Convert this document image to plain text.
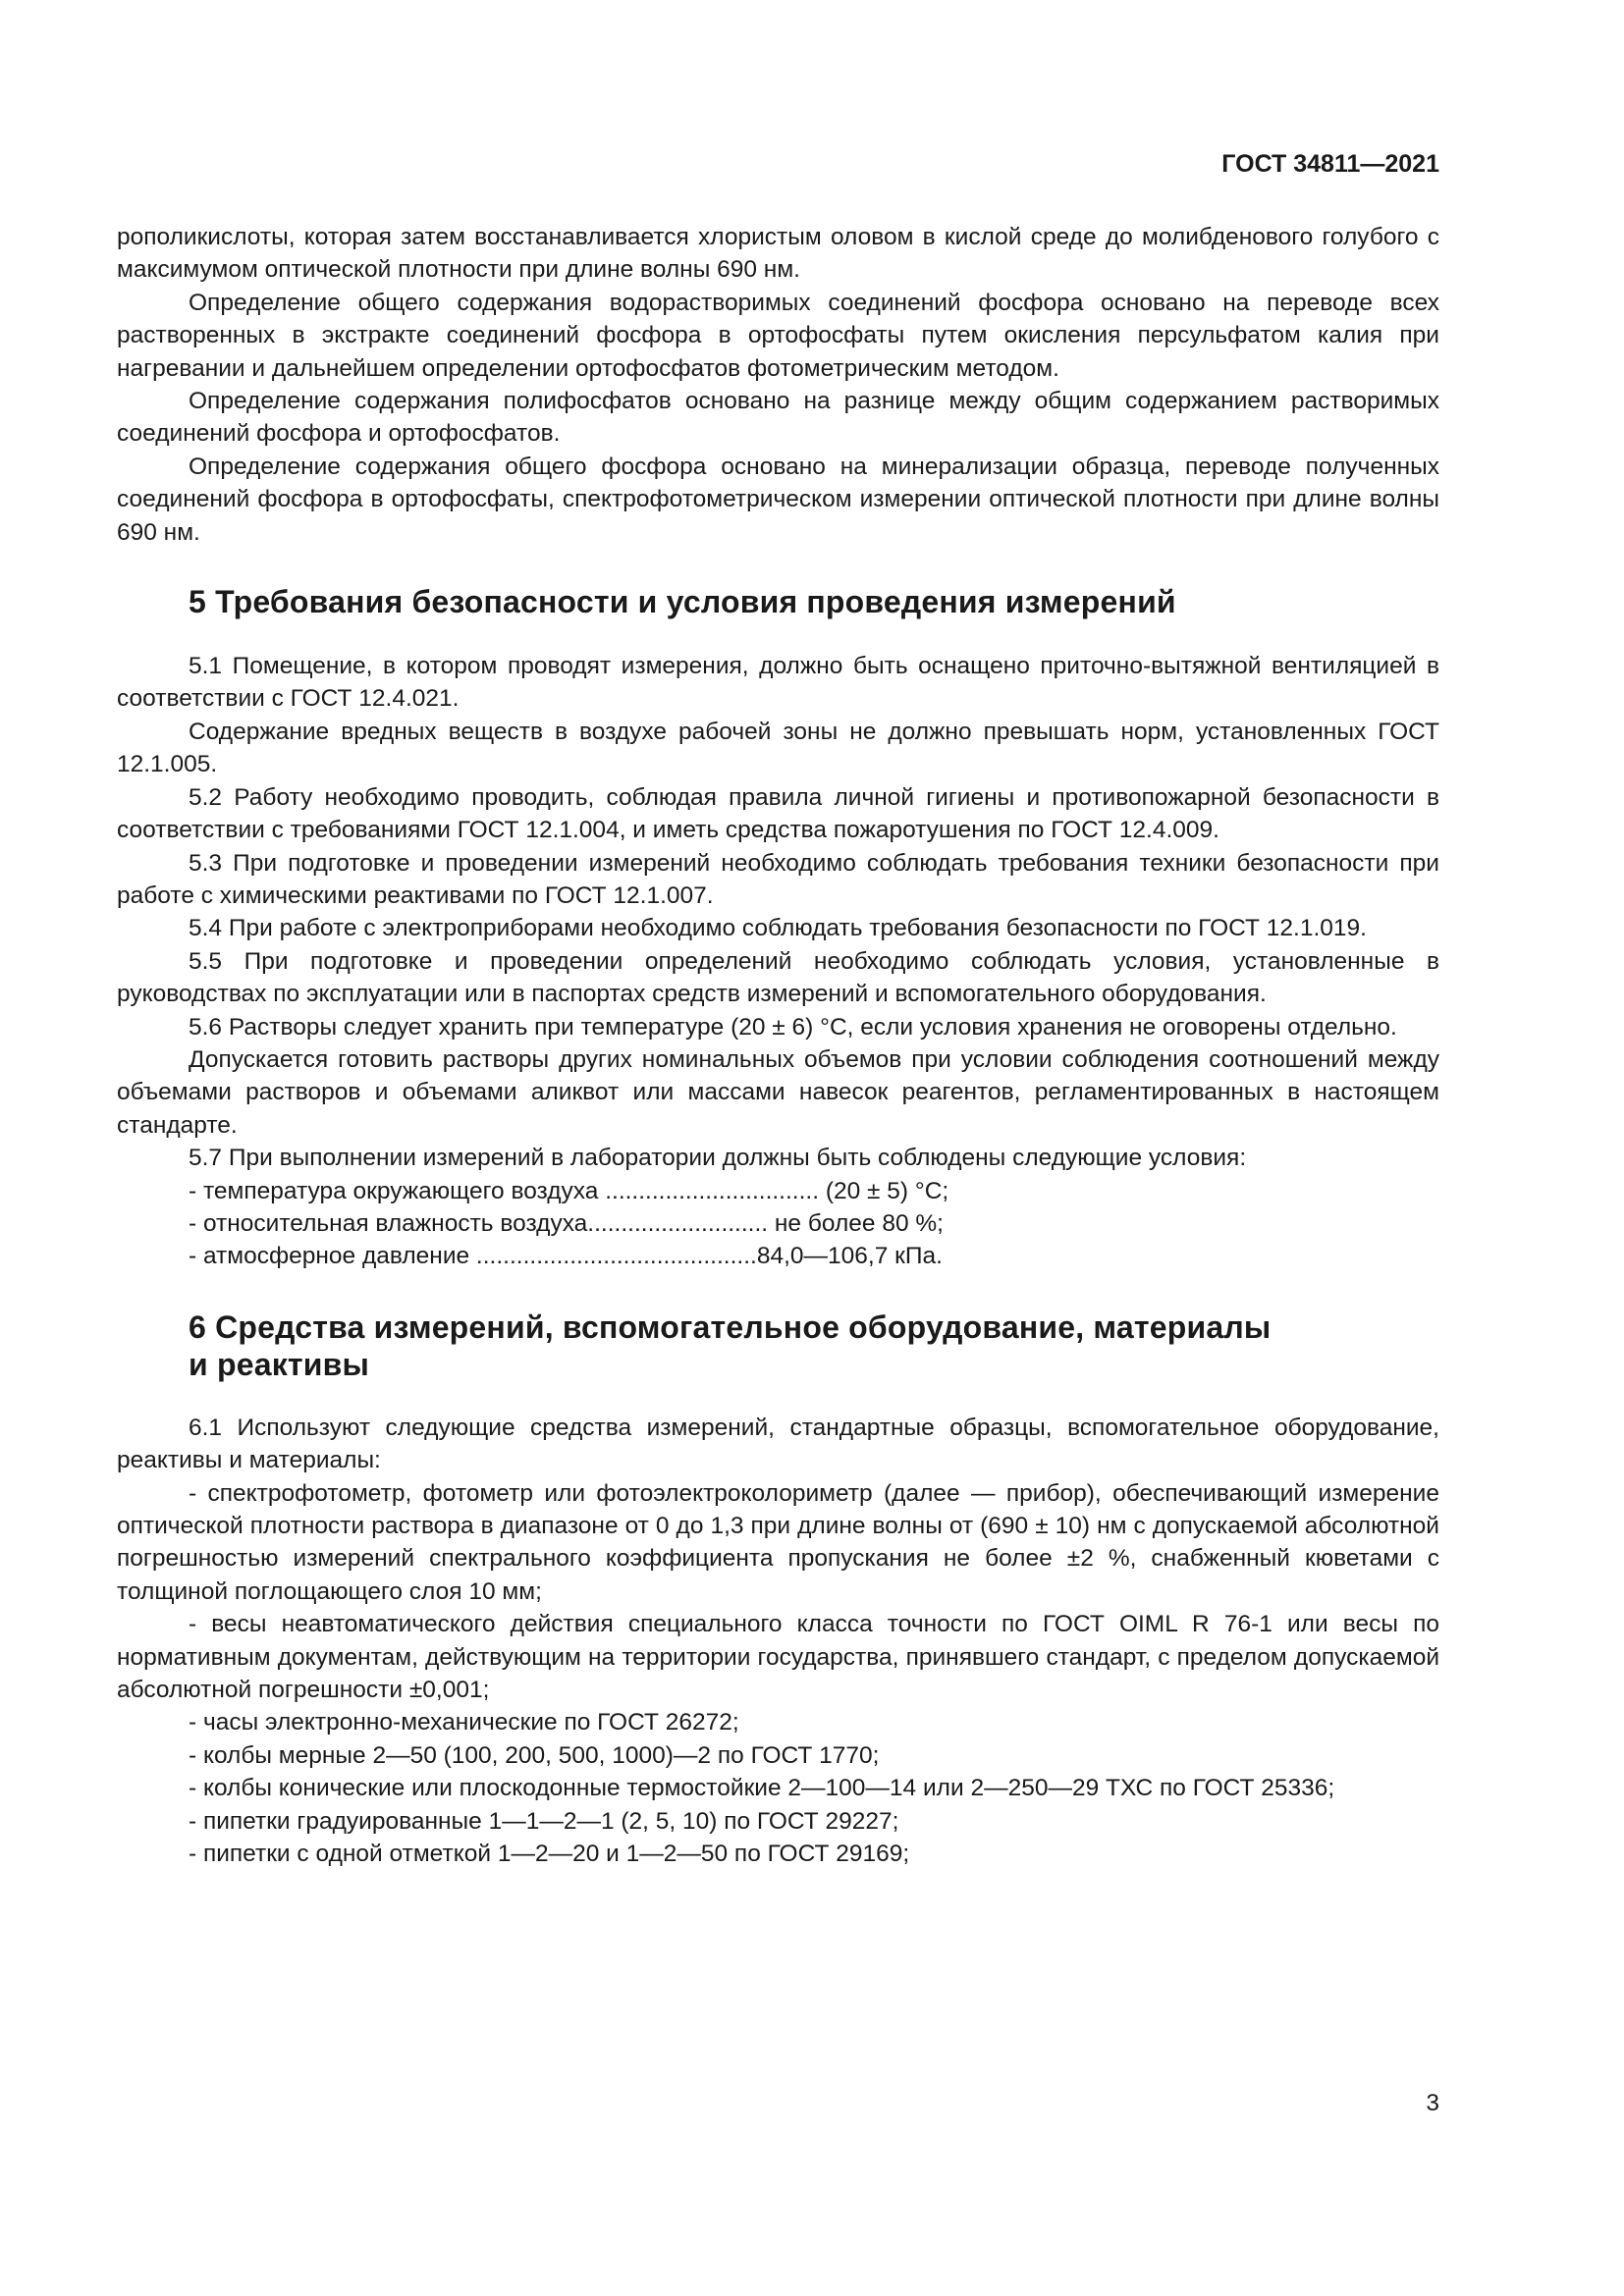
ГОСТ 34811—2021

рополикислоты, которая затем восстанавливается хлористым оловом в кислой среде до молибденового голубого с максимумом оптической плотности при длине волны 690 нм.

Определение общего содержания водорастворимых соединений фосфора основано на переводе всех растворенных в экстракте соединений фосфора в ортофосфаты путем окисления персульфатом калия при нагревании и дальнейшем определении ортофосфатов фотометрическим методом.

Определение содержания полифосфатов основано на разнице между общим содержанием растворимых соединений фосфора и ортофосфатов.

Определение содержания общего фосфора основано на минерализации образца, переводе полученных соединений фосфора в ортофосфаты, спектрофотометрическом измерении оптической плотности при длине волны 690 нм.

5 Требования безопасности и условия проведения измерений

5.1 Помещение, в котором проводят измерения, должно быть оснащено приточно-вытяжной вентиляцией в соответствии с ГОСТ 12.4.021.

Содержание вредных веществ в воздухе рабочей зоны не должно превышать норм, установленных ГОСТ 12.1.005.

5.2 Работу необходимо проводить, соблюдая правила личной гигиены и противопожарной безопасности в соответствии с требованиями ГОСТ 12.1.004, и иметь средства пожаротушения по ГОСТ 12.4.009.

5.3 При подготовке и проведении измерений необходимо соблюдать требования техники безопасности при работе с химическими реактивами по ГОСТ 12.1.007.

5.4 При работе с электроприборами необходимо соблюдать требования безопасности по ГОСТ 12.1.019.

5.5 При подготовке и проведении определений необходимо соблюдать условия, установленные в руководствах по эксплуатации или в паспортах средств измерений и вспомогательного оборудования.

5.6 Растворы следует хранить при температуре (20 ± 6) °С, если условия хранения не оговорены отдельно.

Допускается готовить растворы других номинальных объемов при условии соблюдения соотношений между объемами растворов и объемами аликвот или массами навесок реагентов, регламентированных в настоящем стандарте.

5.7 При выполнении измерений в лаборатории должны быть соблюдены следующие условия:

- температура окружающего воздуха ................................ (20 ± 5) °С;

- относительная влажность воздуха........................... не более 80 %;

- атмосферное давление ..........................................84,0—106,7 кПа.

6 Средства измерений, вспомогательное оборудование, материалы
и реактивы

6.1 Используют следующие средства измерений, стандартные образцы, вспомогательное оборудование, реактивы и материалы:

- спектрофотометр, фотометр или фотоэлектроколориметр (далее — прибор), обеспечивающий измерение оптической плотности раствора в диапазоне от 0 до 1,3 при длине волны от (690 ± 10) нм с допускаемой абсолютной погрешностью измерений спектрального коэффициента пропускания не более ±2 %, снабженный кюветами с толщиной поглощающего слоя 10 мм;

- весы неавтоматического действия специального класса точности по ГОСТ OIML R 76-1 или весы по нормативным документам, действующим на территории государства, принявшего стандарт, с пределом допускаемой абсолютной погрешности ±0,001;

- часы электронно-механические по ГОСТ 26272;

- колбы мерные 2—50 (100, 200, 500, 1000)—2 по ГОСТ 1770;

- колбы конические или плоскодонные термостойкие 2—100—14 или 2—250—29 ТХС по ГОСТ 25336;

- пипетки градуированные 1—1—2—1 (2, 5, 10) по ГОСТ 29227;

- пипетки с одной отметкой 1—2—20 и 1—2—50 по ГОСТ 29169;

3
